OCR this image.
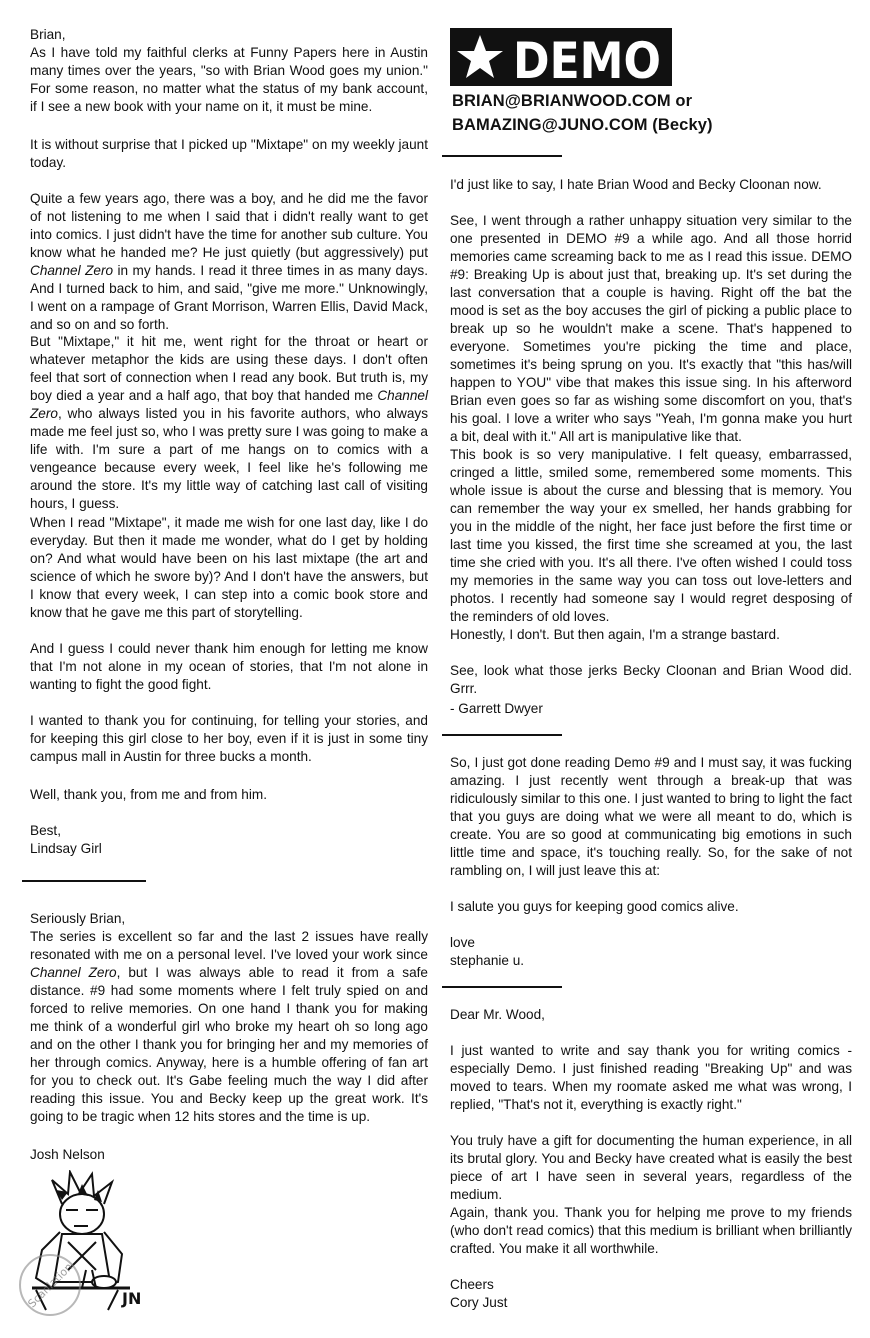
DEMO
BRIAN@BRIANWOOD.COM or
BAMAZING@JUNO.COM (Becky)

Brian,

As I have told my faithful clerks at Funny Papers here in Austin many times over the years, "so with Brian Wood goes my union." For some reason, no matter what the status of my bank account, if I see a new book with your name on it, it must be mine.

It is without surprise that I picked up "Mixtape" on my weekly jaunt today.

Quite a few years ago, there was a boy, and he did me the favor of not listening to me when I said that i didn't really want to get into comics. I just didn't have the time for another sub culture. You know what he handed me? He just quietly (but aggressively) put Channel Zero in my hands. I read it three times in as many days. And I turned back to him, and said, "give me more." Unknowingly, I went on a rampage of Grant Morrison, Warren Ellis, David Mack, and so on and so forth.

But "Mixtape," it hit me, went right for the throat or heart or whatever metaphor the kids are using these days. I don't often feel that sort of connection when I read any book. But truth is, my boy died a year and a half ago, that boy that handed me Channel Zero, who always listed you in his favorite authors, who always made me feel just so, who I was pretty sure I was going to make a life with. I'm sure a part of me hangs on to comics with a vengeance because every week, I feel like he's following me around the store. It's my little way of catching last call of visiting hours, I guess.

When I read "Mixtape", it made me wish for one last day, like I do everyday. But then it made me wonder, what do I get by holding on? And what would have been on his last mixtape (the art and science of which he swore by)? And I don't have the answers, but I know that every week, I can step into a comic book store and know that he gave me this part of storytelling.

And I guess I could never thank him enough for letting me know that I'm not alone in my ocean of stories, that I'm not alone in wanting to fight the good fight.

I wanted to thank you for continuing, for telling your stories, and for keeping this girl close to her boy, even if it is just in some tiny campus mall in Austin for three bucks a month.

Well, thank you, from me and from him.

Best,

Lindsay Girl

Seriously Brian,

The series is excellent so far and the last 2 issues have really resonated with me on a personal level. I've loved your work since Channel Zero, but I was always able to read it from a safe distance. #9 had some moments where I felt truly spied on and forced to relive memories. On one hand I thank you for making me think of a wonderful girl who broke my heart oh so long ago and on the other I thank you for bringing her and my memories of her through comics. Anyway, here is a humble offering of fan art for you to check out. It's Gabe feeling much the way I did after reading this issue. You and Becky keep up the great work. It's going to be tragic when 12 hits stores and the time is up.

Josh Nelson

JN
Scanlation

I'd just like to say, I hate Brian Wood and Becky Cloonan now.

See, I went through a rather unhappy situation very similar to the one presented in DEMO #9 a while ago. And all those horrid memories came screaming back to me as I read this issue. DEMO #9: Breaking Up is about just that, breaking up. It's set during the last conversation that a couple is having. Right off the bat the mood is set as the boy accuses the girl of picking a public place to break up so he wouldn't make a scene. That's happened to everyone. Sometimes you're picking the time and place, sometimes it's being sprung on you. It's exactly that "this has/will happen to YOU" vibe that makes this issue sing. In his afterword Brian even goes so far as wishing some discomfort on you, that's his goal. I love a writer who says "Yeah, I'm gonna make you hurt a bit, deal with it." All art is manipulative like that.

This book is so very manipulative. I felt queasy, embarrassed, cringed a little, smiled some, remembered some moments. This whole issue is about the curse and blessing that is memory. You can remember the way your ex smelled, her hands grabbing for you in the middle of the night, her face just before the first time or last time you kissed, the first time she screamed at you, the last time she cried with you. It's all there. I've often wished I could toss my memories in the same way you can toss out love-letters and photos. I recently had someone say I would regret desposing of the reminders of old loves.

Honestly, I don't. But then again, I'm a strange bastard.

See, look what those jerks Becky Cloonan and Brian Wood did. Grrr.

- Garrett Dwyer

So, I just got done reading Demo #9 and I must say, it was fucking amazing. I just recently went through a break-up that was ridiculously similar to this one. I just wanted to bring to light the fact that you guys are doing what we were all meant to do, which is create. You are so good at communicating big emotions in such little time and space, it's touching really. So, for the sake of not rambling on, I will just leave this at:

I salute you guys for keeping good comics alive.

love

stephanie u.

Dear Mr. Wood,

I just wanted to write and say thank you for writing comics - especially Demo. I just finished reading "Breaking Up" and was moved to tears. When my roomate asked me what was wrong, I replied, "That's not it, everything is exactly right."

You truly have a gift for documenting the human experience, in all its brutal glory. You and Becky have created what is easily the best piece of art I have seen in several years, regardless of the medium.

Again, thank you. Thank you for helping me prove to my friends (who don't read comics) that this medium is brilliant when brilliantly crafted. You make it all worthwhile.

Cheers

Cory Just
